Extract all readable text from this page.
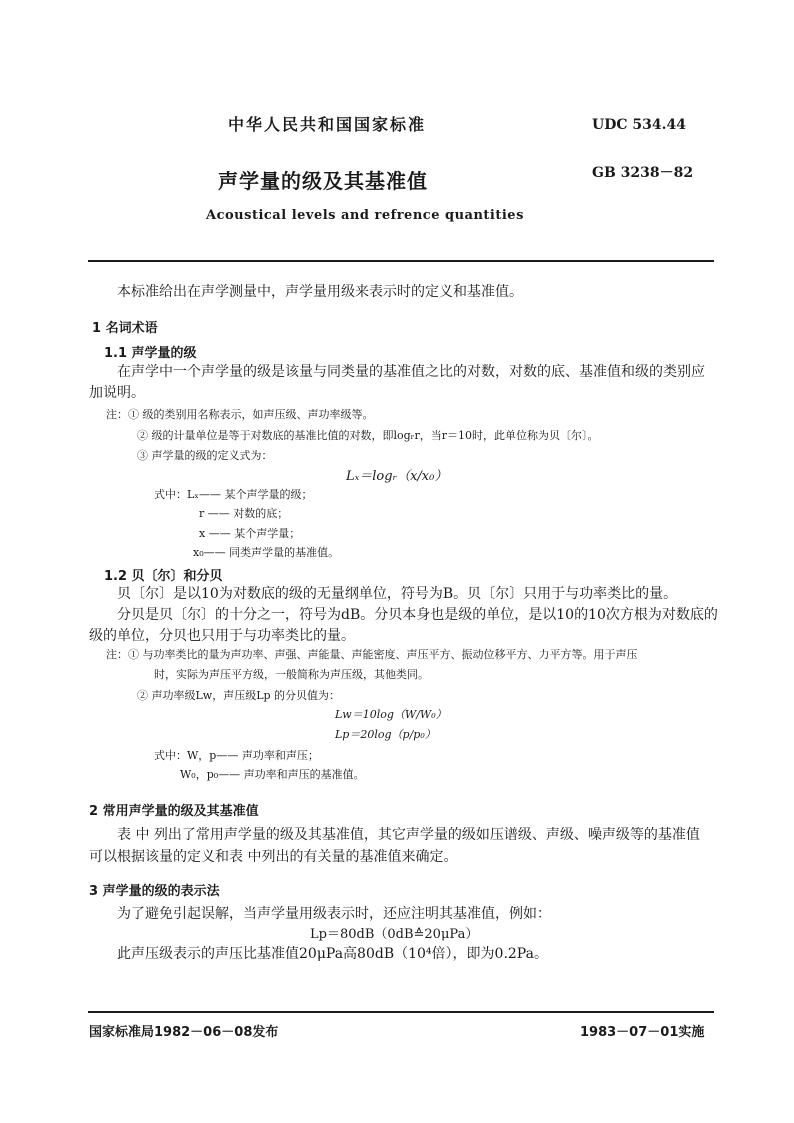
中华人民共和国国家标准	UDC 534.44
声学量的级及其基准值	GB 3238－82
Acoustical levels and refrence quantities
本标准给出在声学测量中，声学量用级来表示时的定义和基准值。
1 名词术语
1.1 声学量的级
在声学中一个声学量的级是该量与同类量的基准值之比的对数，对数的底、基准值和级的类别应
加说明。
注：① 级的类别用名称表示，如声压级、声功率级等。
② 级的计量单位是等于对数底的基准比值的对数，即logᵣr，当r＝10时，此单位称为贝〔尔〕。
③ 声学量的级的定义式为：
Lₓ＝logᵣ（x/x₀）
式中：Lₓ—— 某个声学量的级；
r —— 对数的底；
x —— 某个声学量；
x₀—— 同类声学量的基准值。
1.2 贝〔尔〕和分贝
贝〔尔〕是以10为对数底的级的无量纲单位，符号为B。贝〔尔〕只用于与功率类比的量。
分贝是贝〔尔〕的十分之一，符号为dB。分贝本身也是级的单位，是以10的10次方根为对数底的
级的单位，分贝也只用于与功率类比的量。
注：① 与功率类比的量为声功率、声强、声能量、声能密度、声压平方、振动位移平方、力平方等。用于声压
时，实际为声压平方级，一般简称为声压级，其他类同。
② 声功率级Lw，声压级Lp 的分贝值为：
Lw＝10log（W/W₀）
Lp＝20log（p/p₀）
式中：W，p—— 声功率和声压；
W₀，p₀—— 声功率和声压的基准值。
2 常用声学量的级及其基准值
表 中 列出了常用声学量的级及其基准值，其它声学量的级如压谱级、声级、噪声级等的基准值
可以根据该量的定义和表 中列出的有关量的基准值来确定。
3 声学量的级的表示法
为了避免引起误解，当声学量用级表示时，还应注明其基准值，例如：
Lp＝80dB（0dB≙20μPa）
此声压级表示的声压比基准值20μPa高80dB（10⁴倍），即为0.2Pa。
国家标准局1982－06－08发布	1983－07－01实施
